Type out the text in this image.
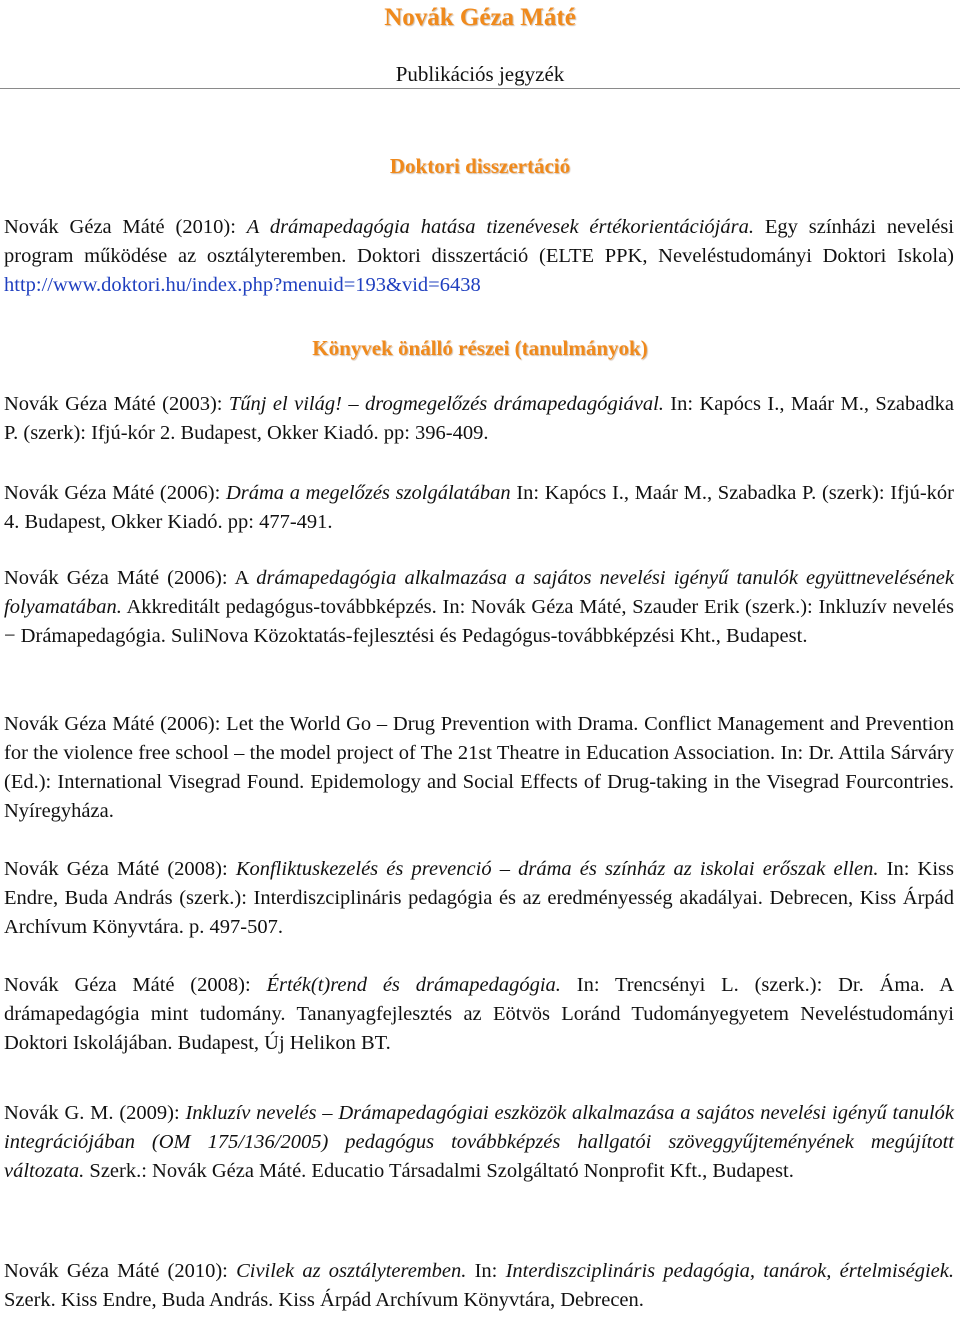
Novák Géza Máté
Publikációs jegyzék
Doktori disszertáció
Novák Géza Máté (2010): A drámapedagógia hatása tizenévesek értékorientációjára. Egy színházi nevelési program működése az osztályteremben. Doktori disszertáció (ELTE PPK, Neveléstudományi Doktori Iskola) http://www.doktori.hu/index.php?menuid=193&vid=6438
Könyvek önálló részei (tanulmányok)
Novák Géza Máté (2003): Tűnj el világ! – drogmegelőzés drámapedagógiával. In: Kapócs I., Maár M., Szabadka P. (szerk): Ifjú-kór 2. Budapest, Okker Kiadó. pp: 396-409.
Novák Géza Máté (2006): Dráma a megelőzés szolgálatában In: Kapócs I., Maár M., Szabadka P. (szerk): Ifjú-kór 4. Budapest, Okker Kiadó. pp: 477-491.
Novák Géza Máté (2006): A drámapedagógia alkalmazása a sajátos nevelési igényű tanulók együttnevelésének folyamatában. Akkreditált pedagógus-továbbképzés. In: Novák Géza Máté, Szauder Erik (szerk.): Inkluzív nevelés − Drámapedagógia. SuliNova Közoktatás-fejlesztési és Pedagógus-továbbképzési Kht., Budapest.
Novák Géza Máté (2006): Let the World Go – Drug Prevention with Drama. Conflict Management and Prevention for the violence free school – the model project of The 21st Theatre in Education Association. In: Dr. Attila Sárváry (Ed.): International Visegrad Found. Epidemology and Social Effects of Drug-taking in the Visegrad Fourcontries. Nyíregyháza.
Novák Géza Máté (2008): Konfliktuskezelés és prevenció – dráma és színház az iskolai erőszak ellen. In: Kiss Endre, Buda András (szerk.): Interdiszciplináris pedagógia és az eredményesség akadályai. Debrecen, Kiss Árpád Archívum Könyvtára. p. 497-507.
Novák Géza Máté (2008): Érték(t)rend és drámapedagógia. In: Trencsényi L. (szerk.): Dr. Áma. A drámapedagógia mint tudomány. Tananyagfejlesztés az Eötvös Loránd Tudományegyetem Neveléstudományi Doktori Iskolájában. Budapest, Új Helikon BT.
Novák G. M. (2009): Inkluzív nevelés – Drámapedagógiai eszközök alkalmazása a sajátos nevelési igényű tanulók integrációjában (OM 175/136/2005) pedagógus továbbképzés hallgatói szöveggyűjteményének megújított változata. Szerk.: Novák Géza Máté. Educatio Társadalmi Szolgáltató Nonprofit Kft., Budapest.
Novák Géza Máté (2010): Civilek az osztályteremben. In: Interdiszciplináris pedagógia, tanárok, értelmiségiek. Szerk. Kiss Endre, Buda András. Kiss Árpád Archívum Könyvtára, Debrecen.
